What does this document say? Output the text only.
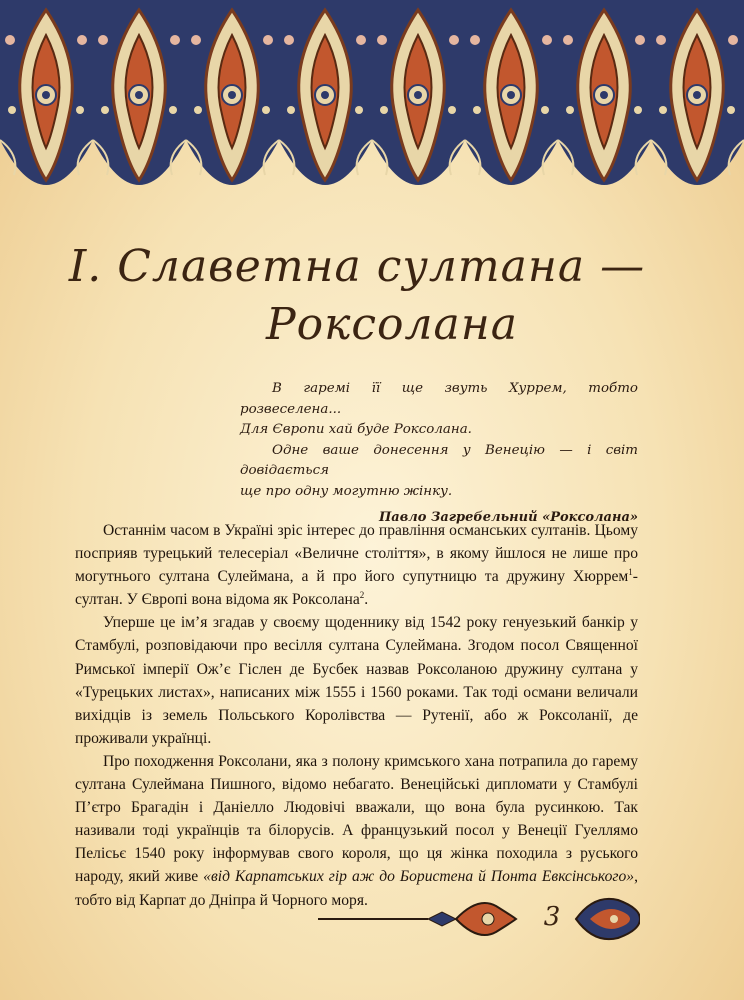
І. Славетна султана —
Роксолана

В гаремі її ще звуть Хуррем, тобто розвеселена...

Для Європи хай буде Роксолана.

Одне ваше донесення у Венецію — і світ довідається

ще про одну могутню жінку.

Павло Загребельний «Роксолана»

Останнім часом в Україні зріс інтерес до правління османських султанів. Цьому посприяв турецький телесеріал «Величне століття», в якому йшлося не лише про могутнього султана Сулеймана, а й про його супутницю та дружину Хюррем$^1$-султан. У Європі вона відома як Роксолана$^2$.

Уперше це ім’я згадав у своєму щоденнику від 1542 року генуезький банкір у Стамбулі, розповідаючи про весілля султана Сулеймана. Згодом посол Священної Римської імперії Ож’є Гіслен де Бусбек назвав Роксоланою дружину султана у «Турецьких листах», написаних між 1555 і 1560 роками. Так тоді османи величали вихідців із земель Польського Королівства — Рутенії, або ж Роксоланії, де проживали українці.

Про походження Роксолани, яка з полону кримського хана потрапила до гарему султана Сулеймана Пишного, відомо небагато. Венеційські дипломати у Стамбулі П’єтро Брагадін і Даніелло Людовічі вважали, що вона була русинкою. Так називали тоді українців та білорусів. А французький посол у Венеції Гуеллямо Пелісьє 1540 року інформував свого короля, що ця жінка походила з руського народу, який живе «від Карпатських гір аж до Бористена й Понта Евксінського», тобто від Карпат до Дніпра й Чорного моря.

3
